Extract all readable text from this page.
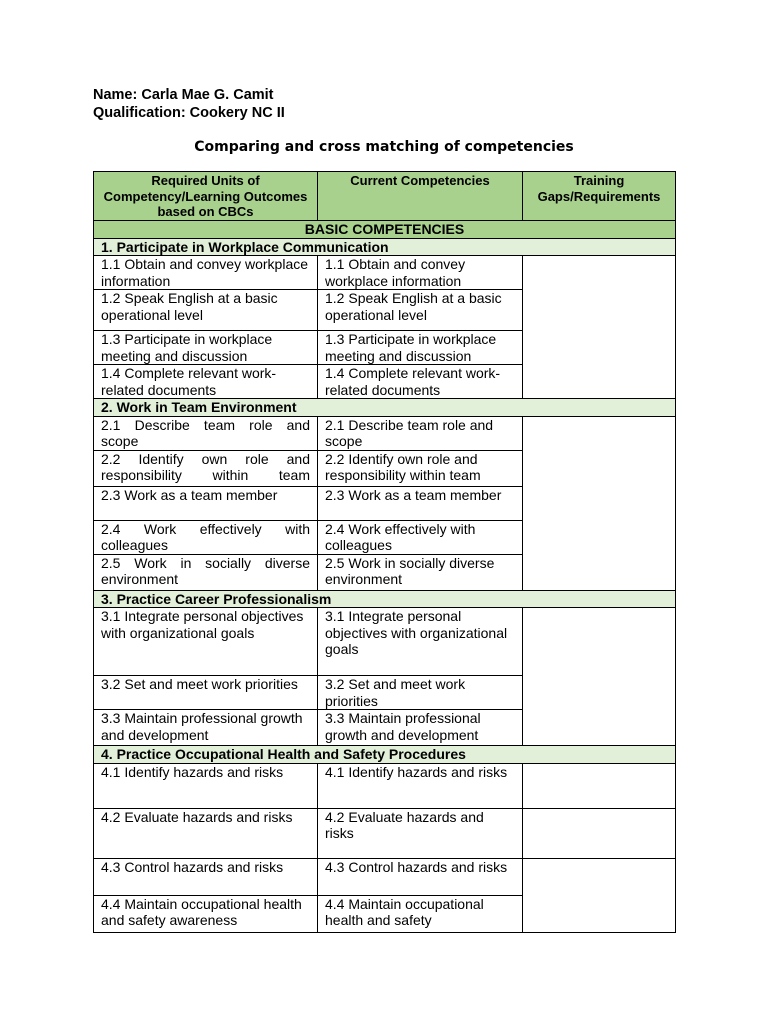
Name: Carla Mae G. Camit
Qualification: Cookery NC II
Comparing and cross matching of competencies
Required Units of Competency/Learning Outcomes based on CBCs	Current Competencies	Training Gaps/Requirements
BASIC COMPETENCIES		
1. Participate in Workplace Communication		
1.1 Obtain and convey workplace information	1.1 Obtain and convey workplace information	
1.2 Speak English at a basic operational level	1.2 Speak English at a basic operational level	
1.3 Participate in workplace meeting and discussion	1.3 Participate in workplace meeting and discussion	
1.4 Complete relevant work-related documents	1.4 Complete relevant work-related documents	
2. Work in Team Environment		
2.1 Describe team role and scope	2.1 Describe team role and scope	
2.2 Identify own role and responsibility within team	2.2 Identify own role and responsibility within team	
2.3 Work as a team member	2.3 Work as a team member	
2.4 Work effectively with colleagues	2.4 Work effectively with colleagues	
2.5 Work in socially diverse environment	2.5 Work in socially diverse environment	
3. Practice Career Professionalism		
3.1 Integrate personal objectives with organizational goals	3.1 Integrate personal objectives with organizational goals	
3.2 Set and meet work priorities	3.2 Set and meet work priorities	
3.3 Maintain professional growth and development	3.3 Maintain professional growth and development	
4. Practice Occupational Health and Safety Procedures		
4.1 Identify hazards and risks	4.1 Identify hazards and risks	
4.2 Evaluate hazards and risks	4.2 Evaluate hazards and risks	
4.3 Control hazards and risks	4.3 Control hazards and risks	
4.4 Maintain occupational health and safety awareness	4.4 Maintain occupational health and safety	
